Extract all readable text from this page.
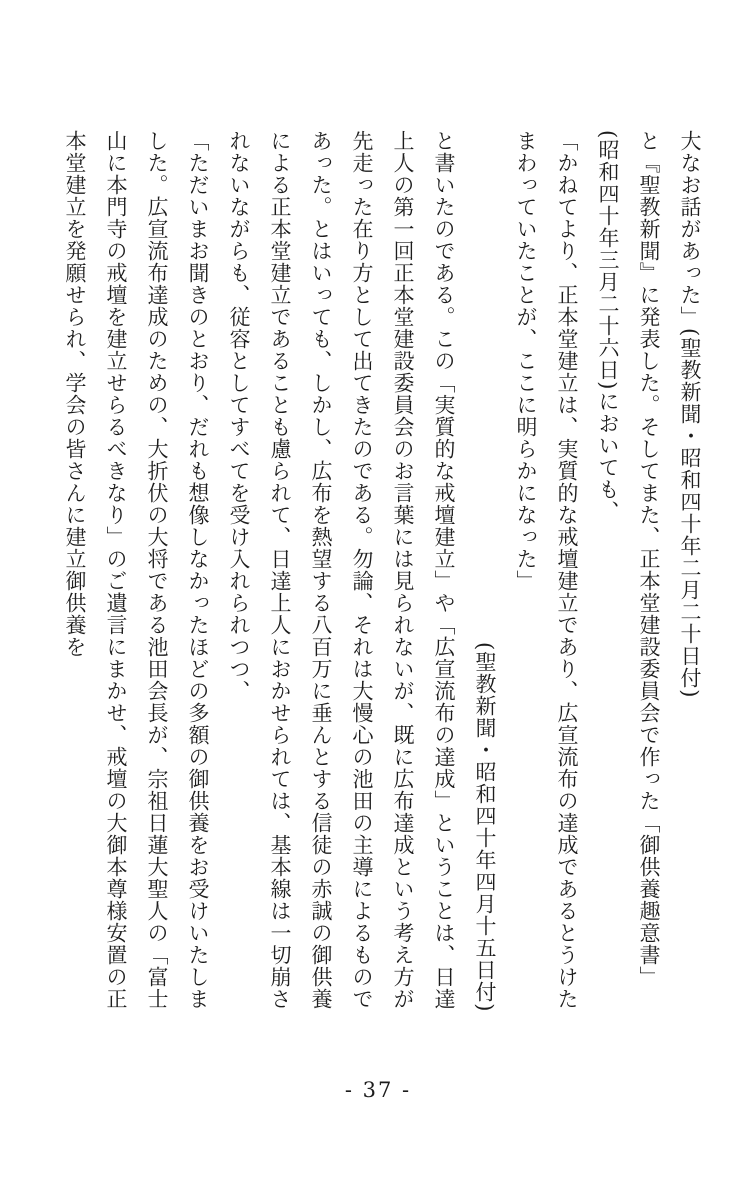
大なお話があった」(聖教新聞・昭和四十年二月二十日付)

と『聖教新聞』に発表した。そしてまた、正本堂建設委員会で作った「御供養趣意書」(昭和四十年三月二十六日)においても、

「かねてより、正本堂建立は、実質的な戒壇建立であり、広宣流布の達成であるとうけたまわっていたことが、ここに明らかになった」

(聖教新聞・昭和四十年四月十五日付)

と書いたのである。この「実質的な戒壇建立」や「広宣流布の達成」ということは、日達上人の第一回正本堂建設委員会のお言葉には見られないが、既に広布達成という考え方が先走った在り方として出てきたのである。勿論、それは大慢心の池田の主導によるものであった。とはいっても、しかし、広布を熱望する八百万に垂んとする信徒の赤誠の御供養による正本堂建立であることも慮られて、日達上人におかせられては、基本線は一切崩されないながらも、従容としてすべてを受け入れられつつ、

「ただいまお聞きのとおり、だれも想像しなかったほどの多額の御供養をお受けいたしました。広宣流布達成のための、大折伏の大将である池田会長が、宗祖日蓮大聖人の「富士山に本門寺の戒壇を建立せらるべきなり」のご遺言にまかせ、戒壇の大御本尊様安置の正本堂建立を発願せられ、学会の皆さんに建立御供養を

- 37 -
